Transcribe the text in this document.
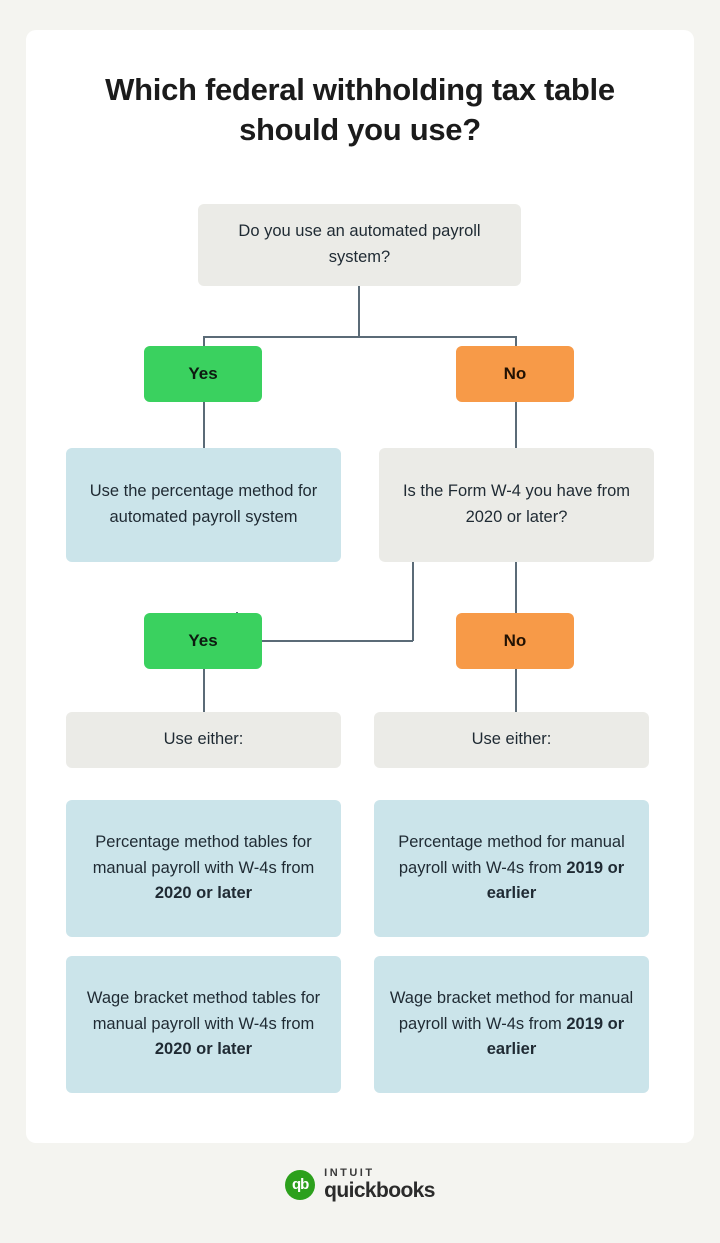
Which federal withholding tax table should you use?
Do you use an automated payroll system?
Yes	No
Use the percentage method for automated payroll system
Is the Form W-4 you have from 2020 or later?
Yes	No
Use either:	Use either:
Percentage method tables for manual payroll with W-4s from 2020 or later
Wage bracket method tables for manual payroll with W-4s from 2020 or later
Percentage method for manual payroll with W-4s from 2019 or earlier
Wage bracket method for manual payroll with W-4s from 2019 or earlier
qb
INTUIT
quickbooks
